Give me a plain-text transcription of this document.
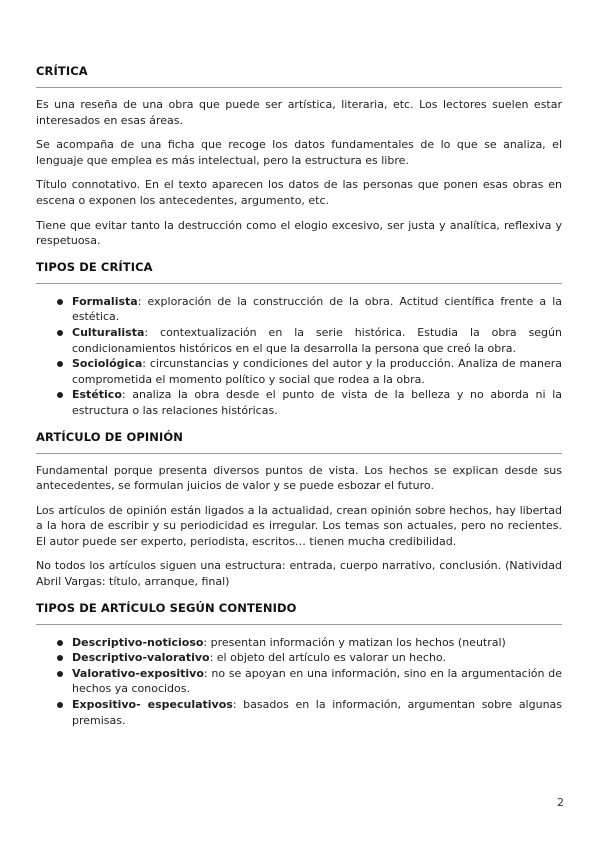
CRÍTICA

Es una reseña de una obra que puede ser artística, literaria, etc. Los lectores suelen estar interesados en esas áreas.

Se acompaña de una ficha que recoge los datos fundamentales de lo que se analiza, el lenguaje que emplea es más intelectual, pero la estructura es libre.

Título connotativo. En el texto aparecen los datos de las personas que ponen esas obras en escena o exponen los antecedentes, argumento, etc.

Tiene que evitar tanto la destrucción como el elogio excesivo, ser justa y analítica, reflexiva y respetuosa.

TIPOS DE CRÍTICA
Formalista: exploración de la construcción de la obra. Actitud científica frente a la estética.
Culturalista: contextualización en la serie histórica. Estudia la obra según condicionamientos históricos en el que la desarrolla la persona que creó la obra.
Sociológica: circunstancias y condiciones del autor y la producción. Analiza de manera comprometida el momento político y social que rodea a la obra.
Estético: analiza la obra desde el punto de vista de la belleza y no aborda ni la estructura o las relaciones históricas.
ARTÍCULO DE OPINIÓN

Fundamental porque presenta diversos puntos de vista. Los hechos se explican desde sus antecedentes, se formulan juicios de valor y se puede esbozar el futuro.

Los artículos de opinión están ligados a la actualidad, crean opinión sobre hechos, hay libertad a la hora de escribir y su periodicidad es irregular. Los temas son actuales, pero no recientes. El autor puede ser experto, periodista, escritos… tienen mucha credibilidad.

No todos los artículos siguen una estructura: entrada, cuerpo narrativo, conclusión. (Natividad Abril Vargas: título, arranque, final)

TIPOS DE ARTÍCULO SEGÚN CONTENIDO
Descriptivo-noticioso: presentan información y matizan los hechos (neutral)
Descriptivo-valorativo: el objeto del artículo es valorar un hecho.
Valorativo-expositivo: no se apoyan en una información, sino en la argumentación de hechos ya conocidos.
Expositivo- especulativos: basados en la información, argumentan sobre algunas premisas.
2
